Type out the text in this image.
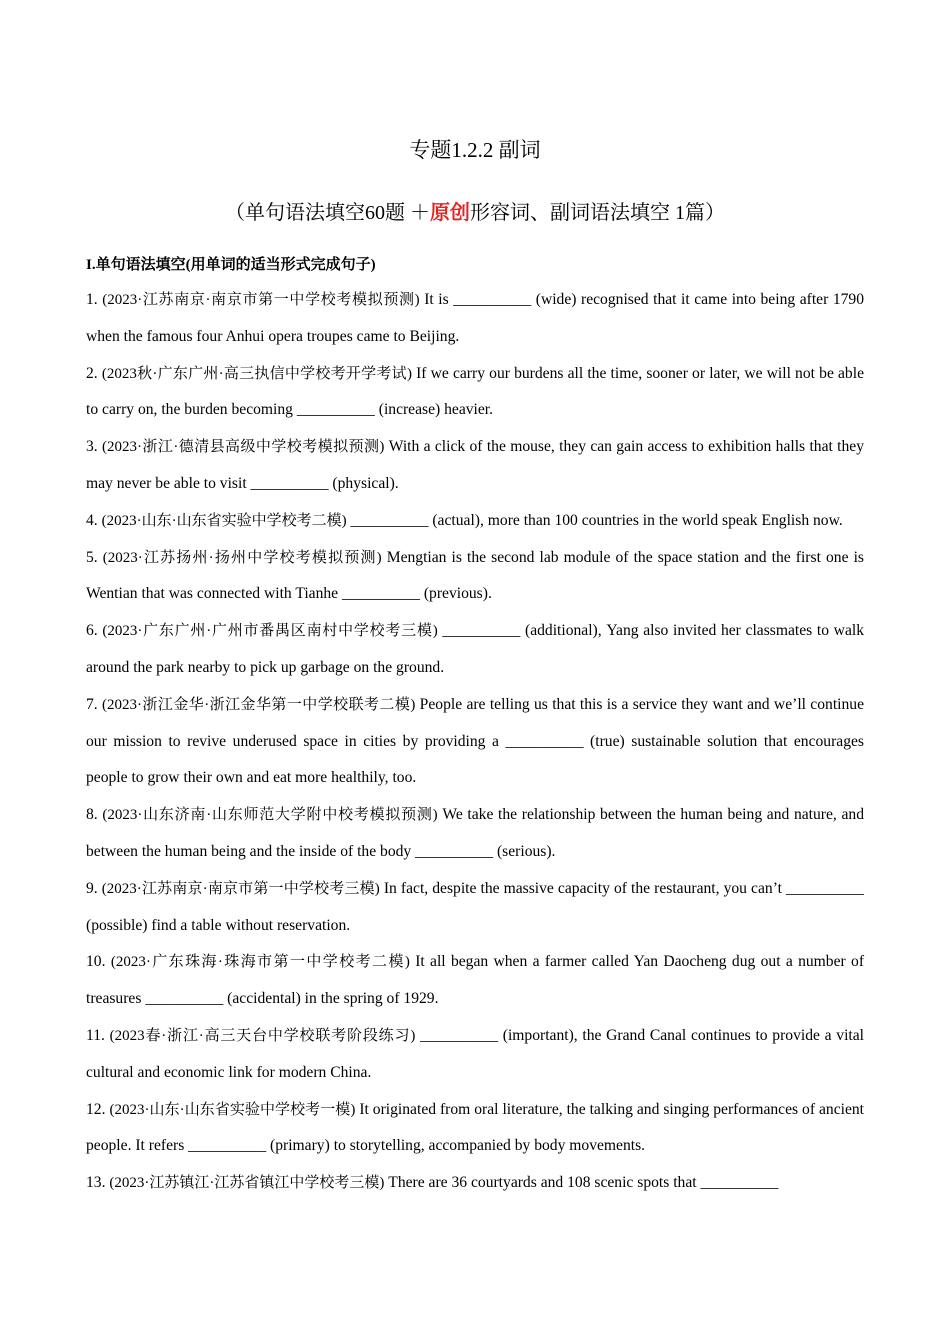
专题1.2.2 副词
（单句语法填空60题 ＋原创形容词、副词语法填空 1篇）
I.单句语法填空(用单词的适当形式完成句子)

1. (2023·江苏南京·南京市第一中学校考模拟预测) It is __________ (wide) recognised that it came into being after 1790 when the famous four Anhui opera troupes came to Beijing.

2. (2023秋·广东广州·高三执信中学校考开学考试) If we carry our burdens all the time, sooner or later, we will not be able to carry on, the burden becoming __________ (increase) heavier.

3. (2023·浙江·德清县高级中学校考模拟预测) With a click of the mouse, they can gain access to exhibition halls that they may never be able to visit __________ (physical).

4. (2023·山东·山东省实验中学校考二模) __________ (actual), more than 100 countries in the world speak English now.

5. (2023·江苏扬州·扬州中学校考模拟预测) Mengtian is the second lab module of the space station and the first one is Wentian that was connected with Tianhe __________ (previous).

6. (2023·广东广州·广州市番禺区南村中学校考三模) __________ (additional), Yang also invited her classmates to walk around the park nearby to pick up garbage on the ground.

7. (2023·浙江金华·浙江金华第一中学校联考二模) People are telling us that this is a service they want and we’ll continue our mission to revive underused space in cities by providing a __________ (true) sustainable solution that encourages people to grow their own and eat more healthily, too.

8. (2023·山东济南·山东师范大学附中校考模拟预测) We take the relationship between the human being and nature, and between the human being and the inside of the body __________ (serious).

9. (2023·江苏南京·南京市第一中学校考三模) In fact, despite the massive capacity of the restaurant, you can’t __________ (possible) find a table without reservation.

10. (2023·广东珠海·珠海市第一中学校考二模) It all began when a farmer called Yan Daocheng dug out a number of treasures __________ (accidental) in the spring of 1929.

11. (2023春·浙江·高三天台中学校联考阶段练习) __________ (important), the Grand Canal continues to provide a vital cultural and economic link for modern China.

12. (2023·山东·山东省实验中学校考一模) It originated from oral literature, the talking and singing performances of ancient people. It refers __________ (primary) to storytelling, accompanied by body movements.

13. (2023·江苏镇江·江苏省镇江中学校考三模) There are 36 courtyards and 108 scenic spots that __________
